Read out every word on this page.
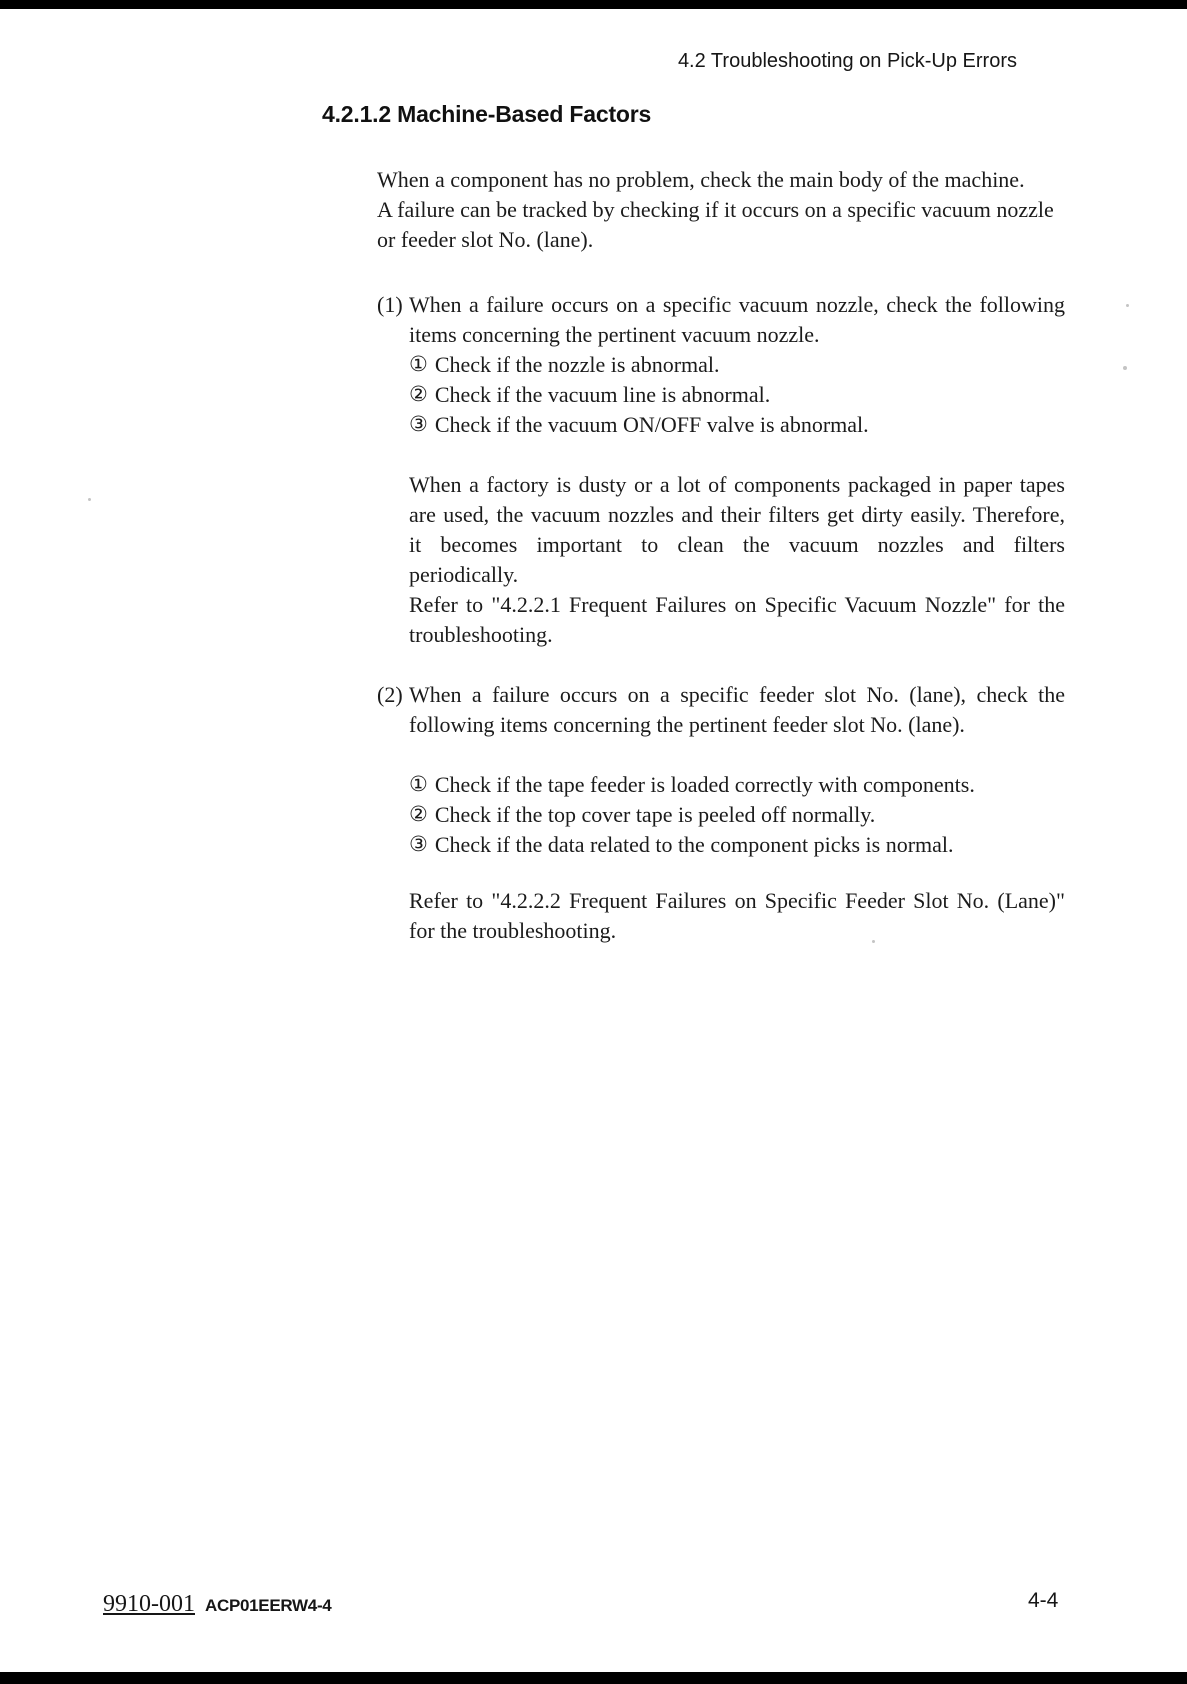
4.2 Troubleshooting on Pick-Up Errors
4.2.1.2 Machine-Based Factors
When a component has no problem, check the main body of the machine.
A failure can be tracked by checking if it occurs on a specific vacuum nozzle
or feeder slot No. (lane).
(1) When a failure occurs on a specific vacuum nozzle, check the following
items concerning the pertinent vacuum nozzle.
① Check if the nozzle is abnormal.
② Check if the vacuum line is abnormal.
③ Check if the vacuum ON/OFF valve is abnormal.
When a factory is dusty or a lot of components packaged in paper tapes
are used, the vacuum nozzles and their filters get dirty easily. Therefore,
it becomes important to clean the vacuum nozzles and filters
periodically.
Refer to "4.2.2.1 Frequent Failures on Specific Vacuum Nozzle" for the
troubleshooting.
(2) When a failure occurs on a specific feeder slot No. (lane), check the
following items concerning the pertinent feeder slot No. (lane).
① Check if the tape feeder is loaded correctly with components.
② Check if the top cover tape is peeled off normally.
③ Check if the data related to the component picks is normal.
Refer to "4.2.2.2 Frequent Failures on Specific Feeder Slot No. (Lane)"
for the troubleshooting.
9910-001 ACP01EERW4-4	4-4
